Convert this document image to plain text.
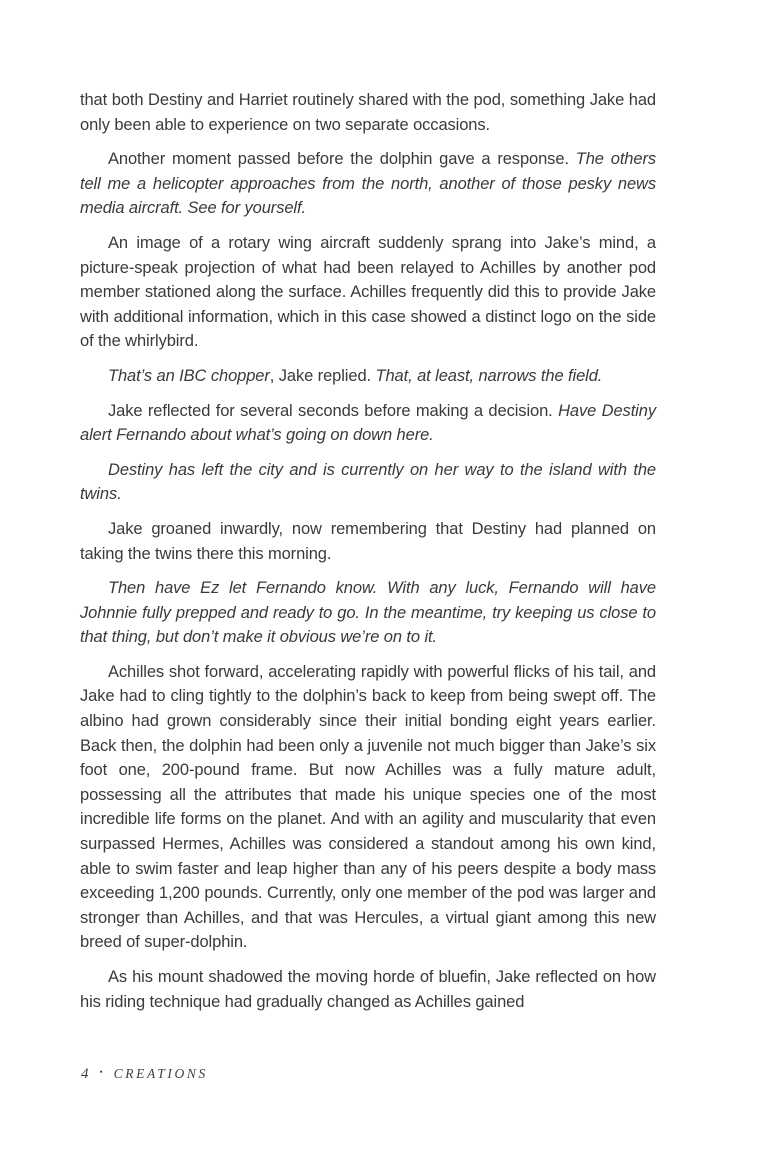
that both Destiny and Harriet routinely shared with the pod, something Jake had only been able to experience on two separate occasions.

Another moment passed before the dolphin gave a response. The others tell me a helicopter approaches from the north, another of those pesky news media aircraft. See for yourself.

An image of a rotary wing aircraft suddenly sprang into Jake’s mind, a picture-speak projection of what had been relayed to Achilles by another pod member stationed along the surface. Achilles frequently did this to provide Jake with additional information, which in this case showed a distinct logo on the side of the whirlybird.

That’s an IBC chopper, Jake replied. That, at least, narrows the field.

Jake reflected for several seconds before making a decision. Have Destiny alert Fernando about what’s going on down here.

Destiny has left the city and is currently on her way to the island with the twins.

Jake groaned inwardly, now remembering that Destiny had planned on taking the twins there this morning.

Then have Ez let Fernando know. With any luck, Fernando will have Johnnie fully prepped and ready to go. In the meantime, try keeping us close to that thing, but don’t make it obvious we’re on to it.

Achilles shot forward, accelerating rapidly with powerful flicks of his tail, and Jake had to cling tightly to the dolphin’s back to keep from being swept off. The albino had grown considerably since their initial bonding eight years earlier. Back then, the dolphin had been only a juvenile not much bigger than Jake’s six foot one, 200-pound frame. But now Achilles was a fully mature adult, possessing all the attributes that made his unique species one of the most incredible life forms on the planet. And with an agility and muscularity that even surpassed Hermes, Achilles was considered a standout among his own kind, able to swim faster and leap higher than any of his peers despite a body mass exceeding 1,200 pounds. Currently, only one member of the pod was larger and stronger than Achilles, and that was Hercules, a virtual giant among this new breed of super-dolphin.

As his mount shadowed the moving horde of bluefin, Jake reflected on how his riding technique had gradually changed as Achilles gained

4 • CREATIONS
